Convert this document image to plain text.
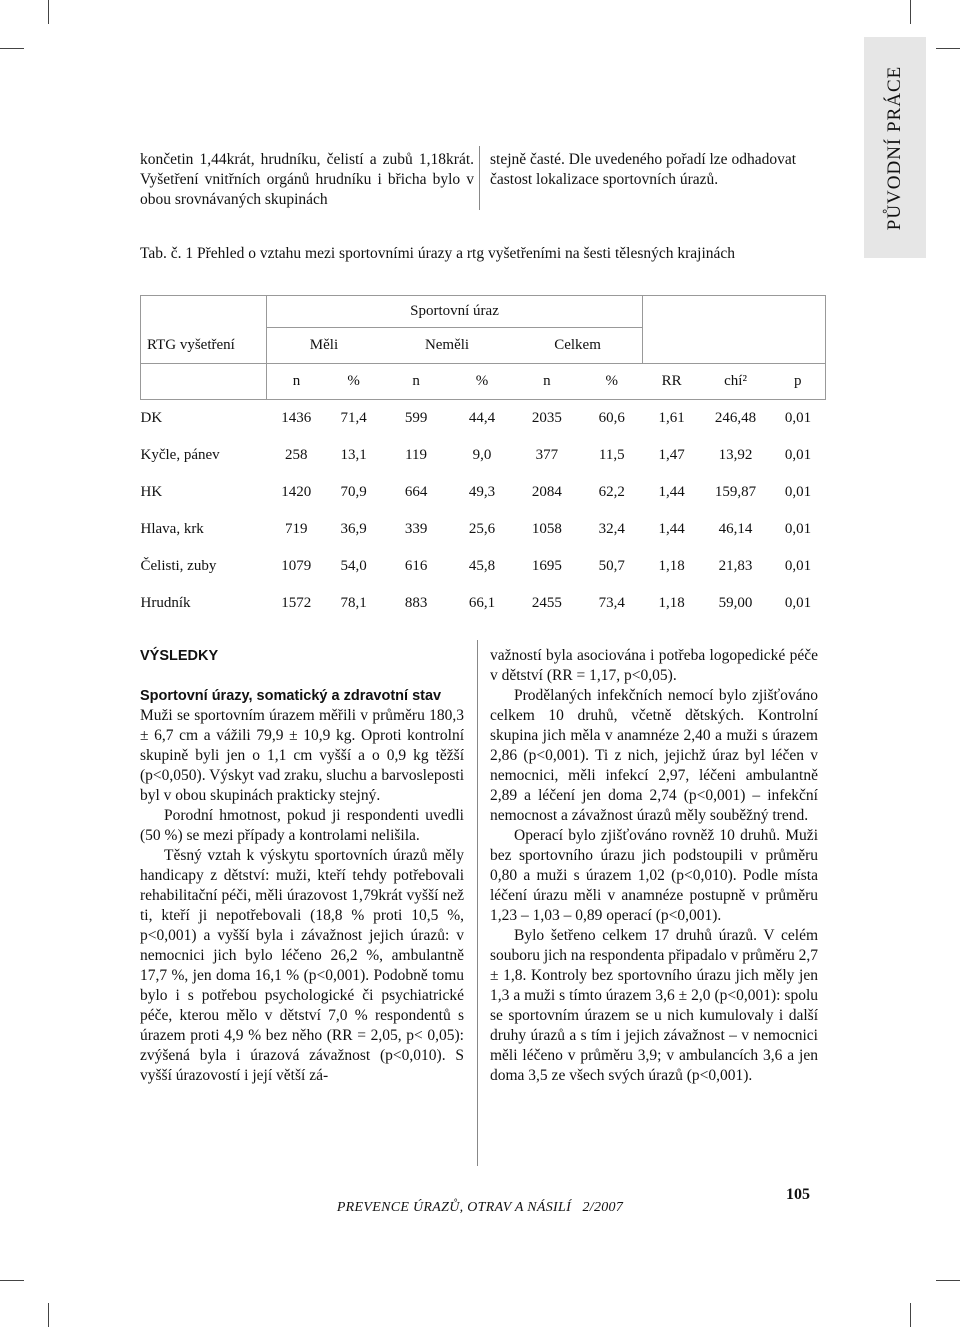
PŮVODNÍ PRÁCE

končetin 1,44krát, hrudníku, čelistí a zubů 1,18krát. Vyšetření vnitřních orgánů hrudníku i břicha bylo v obou srovnávaných skupinách

stejně časté. Dle uvedeného pořadí lze odhadovat častost lokalizace sportovních úrazů.

Tab. č. 1 Přehled o vztahu mezi sportovními úrazy a rtg vyšetřeními na šesti tělesných krajinách
	Sportovní úraz								
RTG vyšetření	Měli		Neměli		Celkem				
	n	%	n	%	n	%	RR	chí²	p
DK	1436	71,4	599	44,4	2035	60,6	1,61	246,48	0,01
Kyčle, pánev	258	13,1	119	9,0	377	11,5	1,47	13,92	0,01
HK	1420	70,9	664	49,3	2084	62,2	1,44	159,87	0,01
Hlava, krk	719	36,9	339	25,6	1058	32,4	1,44	46,14	0,01
Čelisti, zuby	1079	54,0	616	45,8	1695	50,7	1,18	21,83	0,01
Hrudník	1572	78,1	883	66,1	2455	73,4	1,18	59,00	0,01

VÝSLEDKY

Sportovní úrazy, somatický a zdravotní stav

Muži se sportovním úrazem měřili v průměru 180,3 ± 6,7 cm a vážili 79,9 ± 10,9 kg. Oproti kontrolní skupině byli jen o 1,1 cm vyšší a o 0,9 kg těžší (p<0,050). Výskyt vad zraku, sluchu a barvosleposti byl v obou skupinách prakticky stejný.

Porodní hmotnost, pokud ji respondenti uvedli (50 %) se mezi případy a kontrolami nelišila.

Těsný vztah k výskytu sportovních úrazů měly handicapy z dětství: muži, kteří tehdy potřebovali rehabilitační péči, měli úrazovost 1,79krát vyšší než ti, kteří ji nepotřebovali (18,8 % proti 10,5 %, p<0,001) a vyšší byla i závažnost jejich úrazů: v nemocnici jich bylo léčeno 26,2 %, ambulantně 17,7 %, jen doma 16,1 % (p<0,001). Podobně tomu bylo i s potřebou psychologické či psychiatrické péče, kterou mělo v dětství 7,0 % respondentů s úrazem proti 4,9 % bez něho (RR = 2,05, p< 0,05): zvýšená byla i úrazová závažnost (p<0,010). S vyšší úrazovostí i její větší zá-

važností byla asociována i potřeba logopedické péče v dětství (RR = 1,17, p<0,05).

Prodělaných infekčních nemocí bylo zjišťováno celkem 10 druhů, včetně dětských. Kontrolní skupina jich měla v anamnéze 2,40 a muži s úrazem 2,86 (p<0,001). Ti z nich, jejichž úraz byl léčen v nemocnici, měli infekcí 2,97, léčeni ambulantně 2,89 a léčení jen doma 2,74 (p<0,001) – infekční nemocnost a závažnost úrazů měly souběžný trend.

Operací bylo zjišťováno rovněž 10 druhů. Muži bez sportovního úrazu jich podstoupili v průměru 0,80 a muži s úrazem 1,02 (p<0,010). Podle místa léčení úrazu měli v anamnéze postupně v průměru 1,23 – 1,03 – 0,89 operací (p<0,001).

Bylo šetřeno celkem 17 druhů úrazů. V celém souboru jich na respondenta připadalo v průměru 2,7 ± 1,8. Kontroly bez sportovního úrazu jich měly jen 1,3 a muži s tímto úrazem 3,6 ± 2,0 (p<0,001): spolu se sportovním úrazem se u nich kumulovaly i další druhy úrazů a s tím i jejich závažnost – v nemocnici měli léčeno v průměru 3,9; v ambulancích 3,6 a jen doma 3,5 ze všech svých úrazů (p<0,001).

105
PREVENCE ÚRAZŮ, OTRAV A NÁSILÍ   2/2007
